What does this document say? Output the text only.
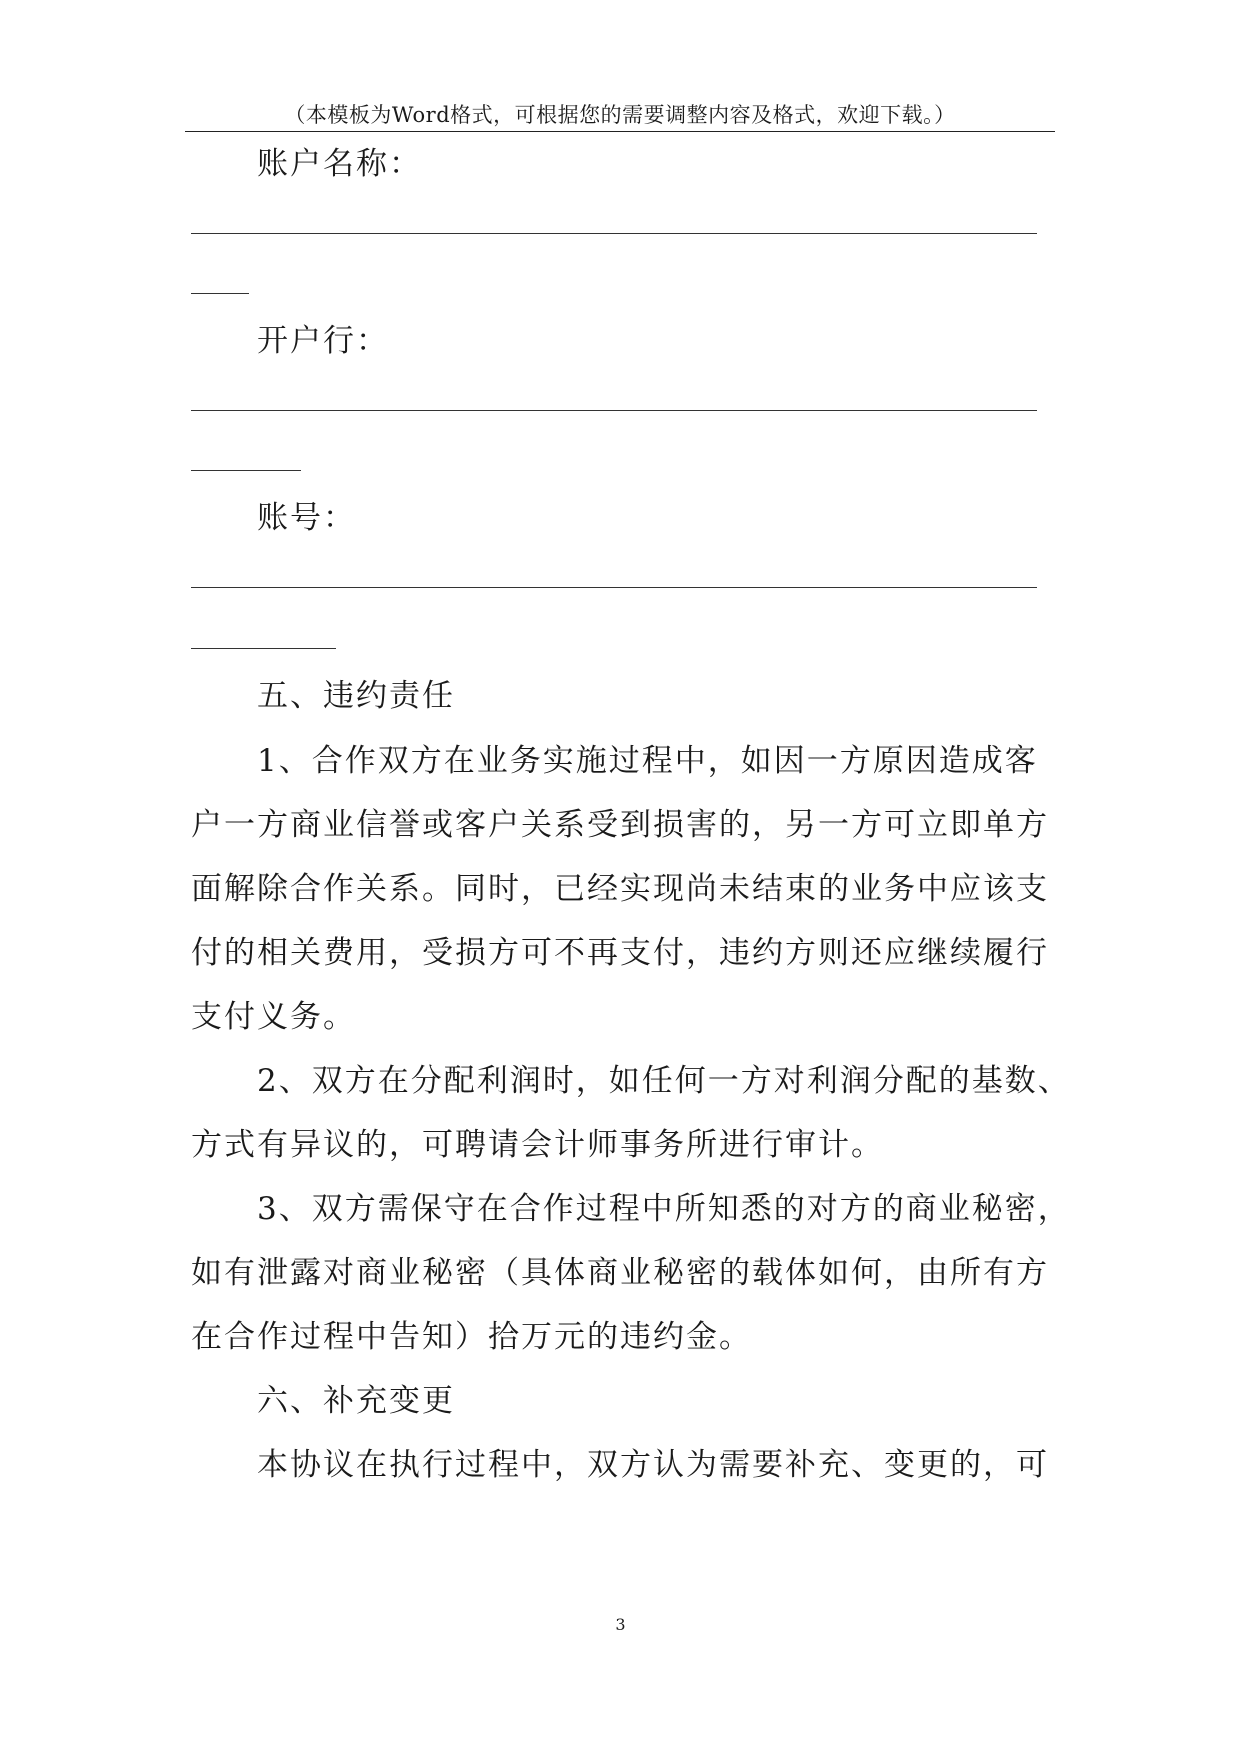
（本模板为Word格式，可根据您的需要调整内容及格式，欢迎下载。）
账户名称：
开户行：
账号：
五、违约责任
1、合作双方在业务实施过程中，如因一方原因造成客
户一方商业信誉或客户关系受到损害的，另一方可立即单方
面解除合作关系。同时，已经实现尚未结束的业务中应该支
付的相关费用，受损方可不再支付，违约方则还应继续履行
支付义务。
2、双方在分配利润时，如任何一方对利润分配的基数、
方式有异议的，可聘请会计师事务所进行审计。
3、双方需保守在合作过程中所知悉的对方的商业秘密，
如有泄露对商业秘密（具体商业秘密的载体如何，由所有方
在合作过程中告知）拾万元的违约金。
六、补充变更
本协议在执行过程中，双方认为需要补充、变更的，可
3
